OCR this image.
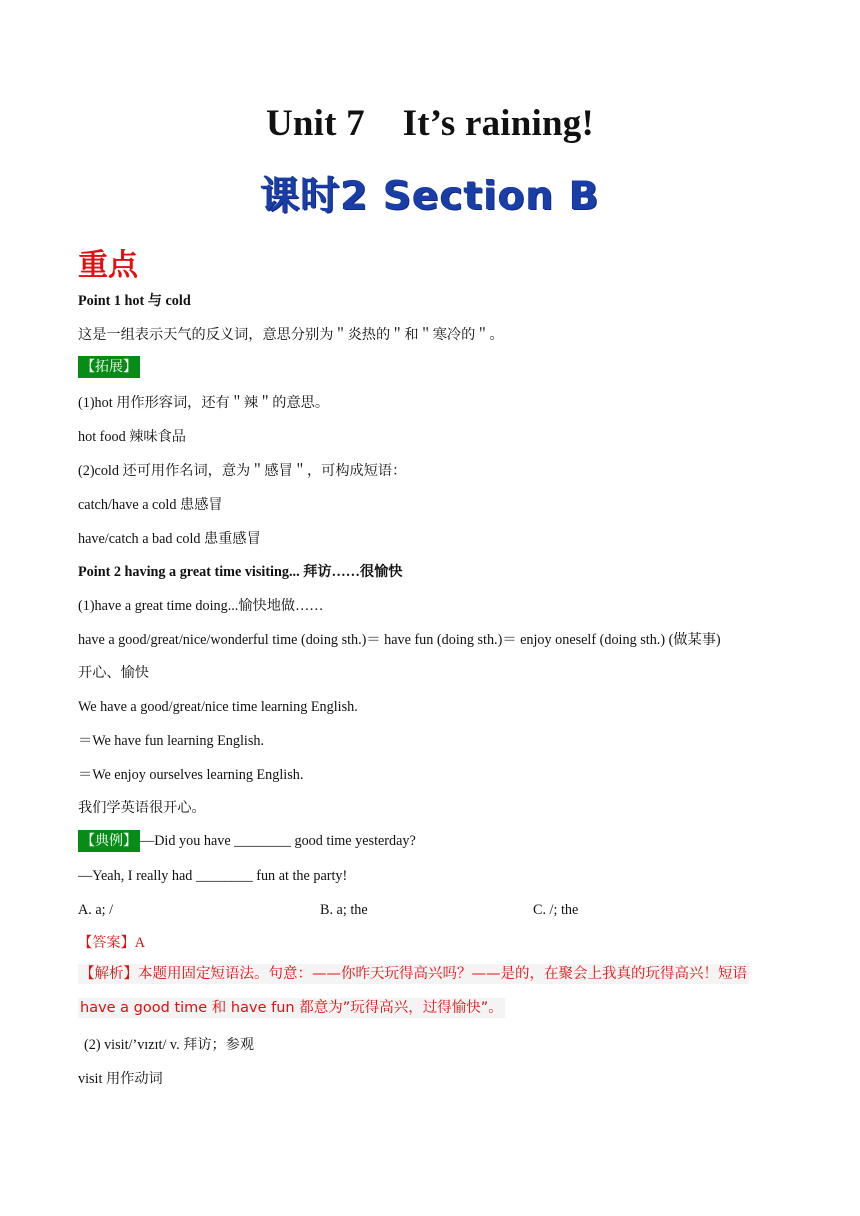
Unit 7    It’s raining!
课时2 Section B
重点
Point 1 hot 与 cold
这是一组表示天气的反义词，意思分别为＂炎热的＂和＂寒冷的＂。
【拓展】
(1)hot 用作形容词，还有＂辣＂的意思。
hot food 辣味食品
(2)cold 还可用作名词，意为＂感冒＂，可构成短语：
catch/have a cold 患感冒
have/catch a bad cold 患重感冒
Point 2 having a great time visiting... 拜访……很愉快
(1)have a great time doing...愉快地做……
have a good/great/nice/wonderful time (doing sth.)＝ have fun (doing sth.)＝ enjoy oneself (doing sth.) (做某事)
开心、愉快
We have a good/great/nice time learning English.
＝We have fun learning English.
＝We enjoy ourselves learning English.
我们学英语很开心。
【典例】 —Did you have ________ good time yesterday?
—Yeah, I really had ________ fun at the party!
A. a; /	B. a; the	C. /; the
【答案】A
【解析】本题用固定短语法。句意：——你昨天玩得高兴吗？——是的，在聚会上我真的玩得高兴！短语
have a good time 和 have fun 都意为”玩得高兴，过得愉快”。
(2) visit/’vɪzɪt/ v. 拜访；参观
visit 用作动词
